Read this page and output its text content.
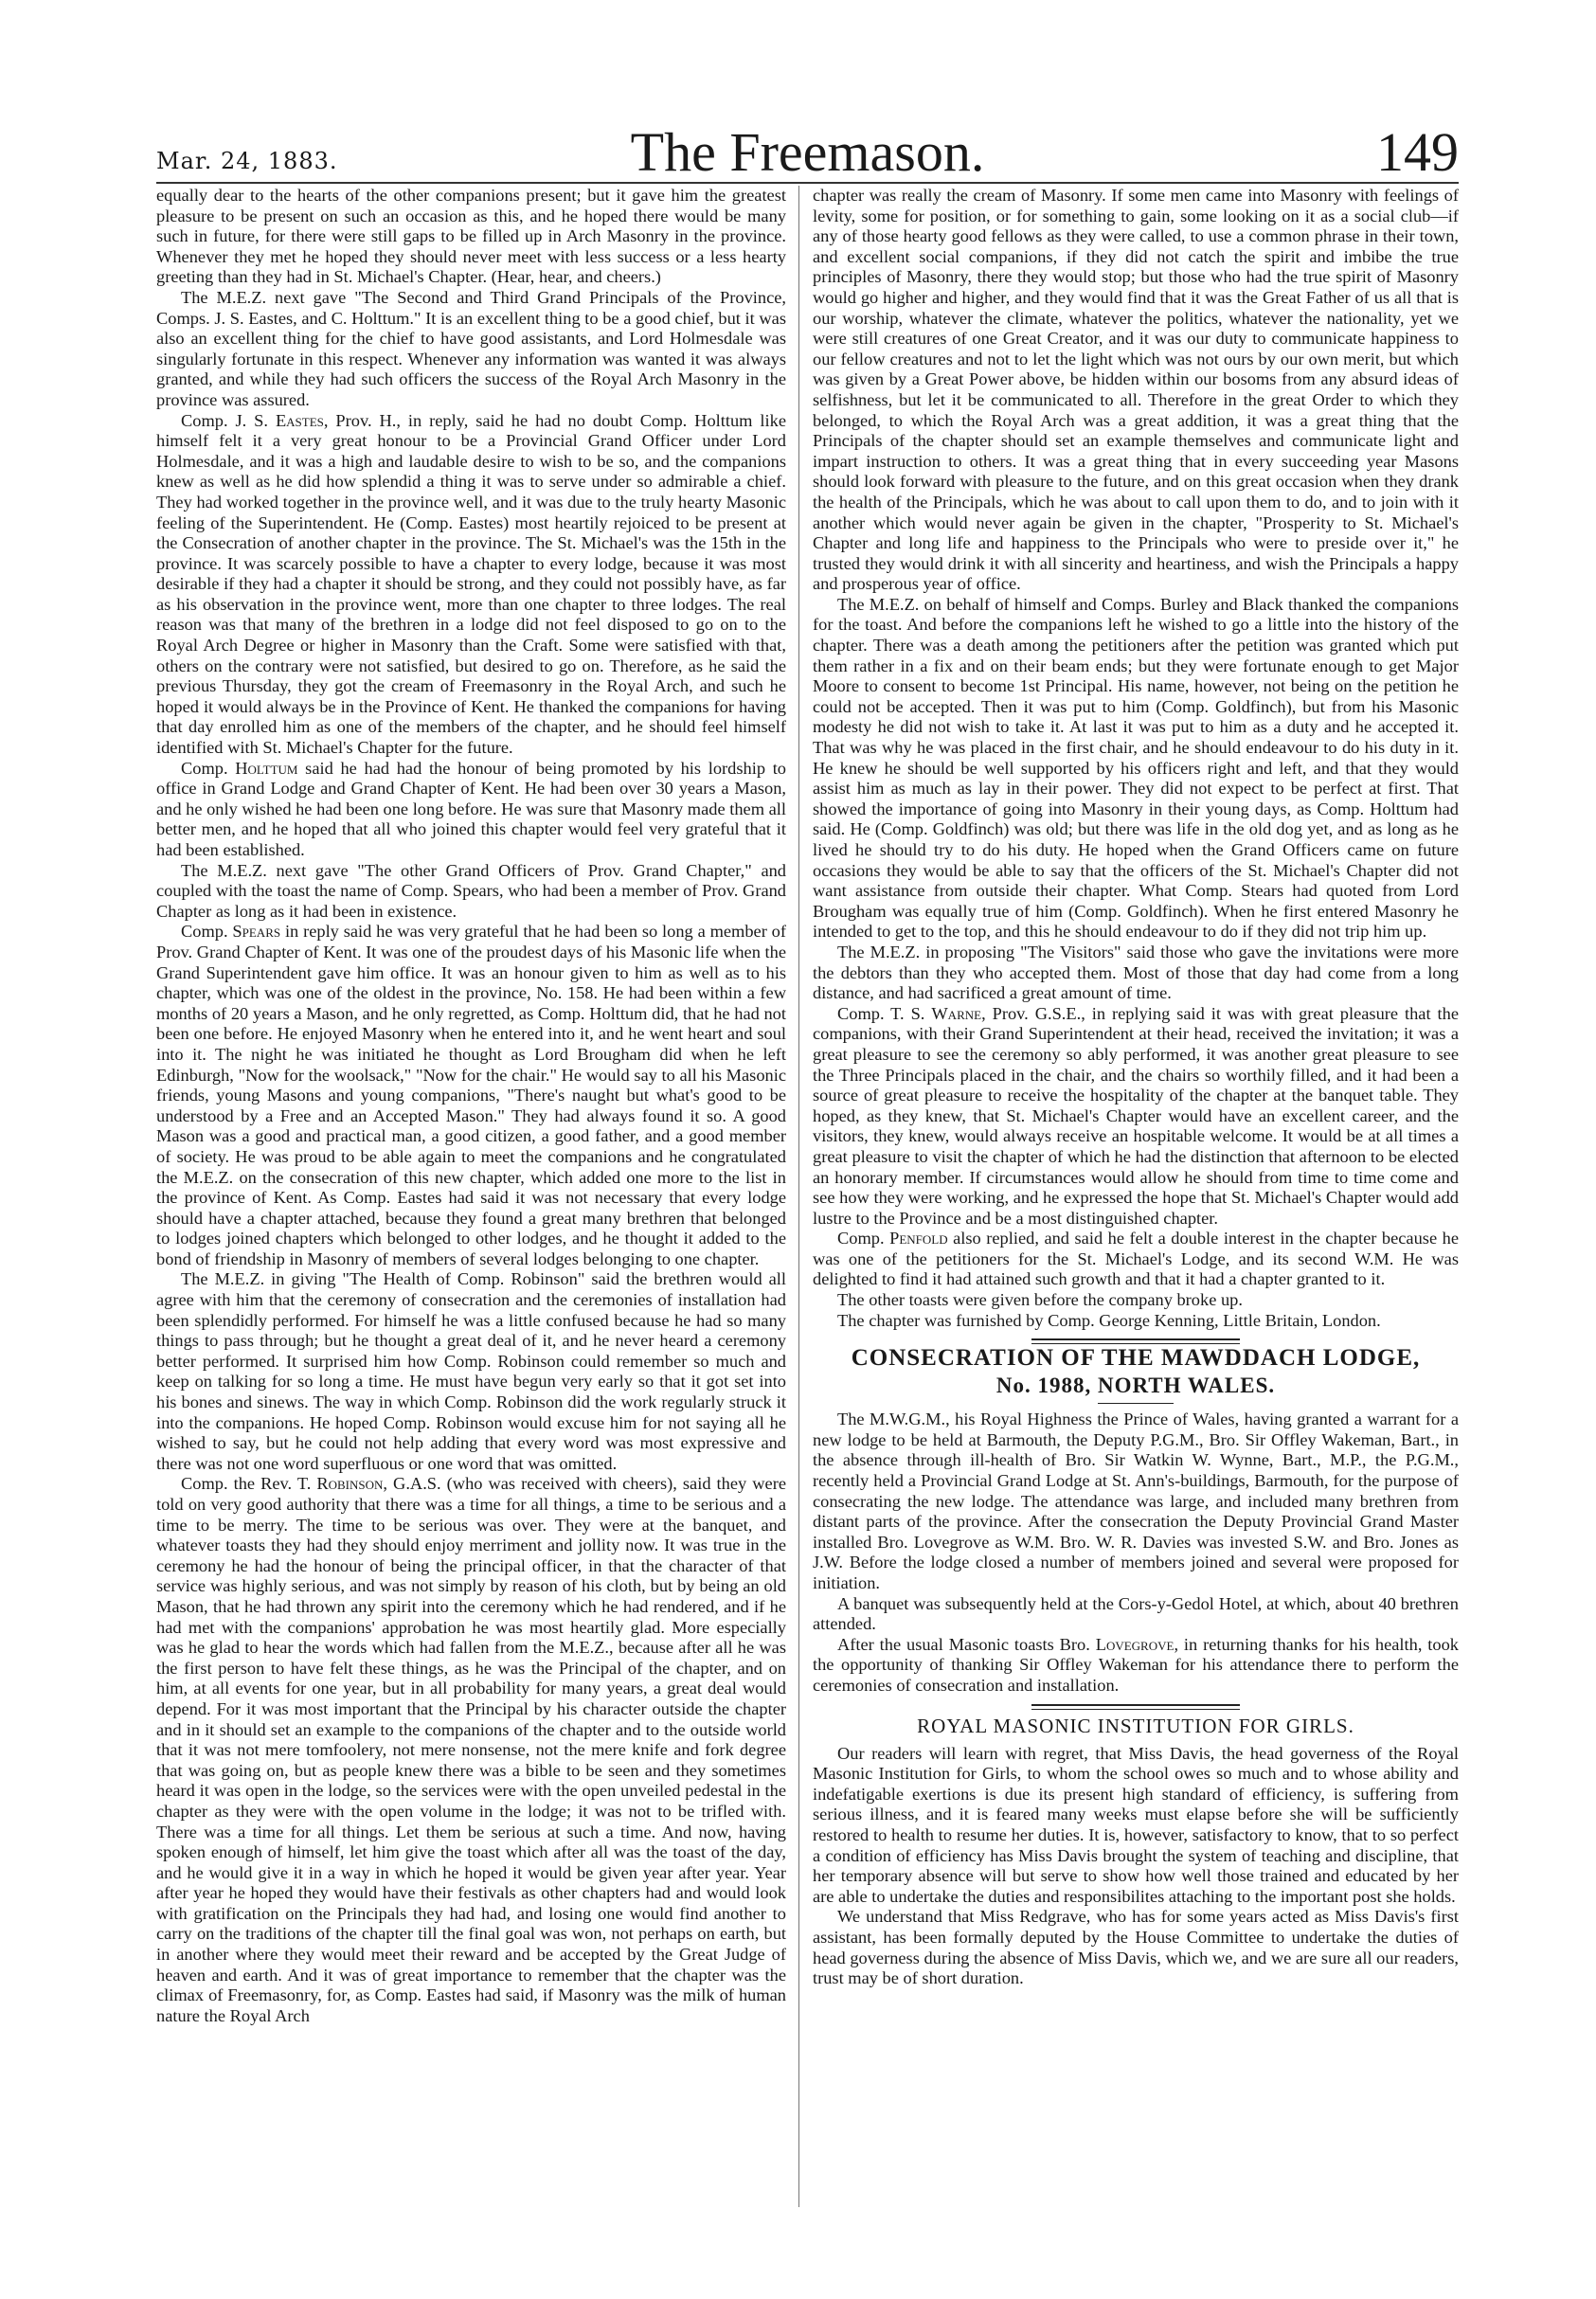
Mar. 24, 1883.	The Freemason.	149

equally dear to the hearts of the other companions present; but it gave him the greatest pleasure to be present on such an occasion as this, and he hoped there would be many such in future, for there were still gaps to be filled up in Arch Masonry in the province. Whenever they met he hoped they should never meet with less success or a less hearty greeting than they had in St. Michael's Chapter. (Hear, hear, and cheers.)

The M.E.Z. next gave "The Second and Third Grand Principals of the Province, Comps. J. S. Eastes, and C. Holttum." It is an excellent thing to be a good chief, but it was also an excellent thing for the chief to have good assistants, and Lord Holmesdale was singularly fortunate in this respect. Whenever any information was wanted it was always granted, and while they had such officers the success of the Royal Arch Masonry in the province was assured.

Comp. J. S. Eastes, Prov. H., in reply, said he had no doubt Comp. Holttum like himself felt it a very great honour to be a Provincial Grand Officer under Lord Holmesdale, and it was a high and laudable desire to wish to be so, and the companions knew as well as he did how splendid a thing it was to serve under so admirable a chief. They had worked together in the province well, and it was due to the truly hearty Masonic feeling of the Superintendent. He (Comp. Eastes) most heartily rejoiced to be present at the Consecration of another chapter in the province. The St. Michael's was the 15th in the province. It was scarcely possible to have a chapter to every lodge, because it was most desirable if they had a chapter it should be strong, and they could not possibly have, as far as his observation in the province went, more than one chapter to three lodges. The real reason was that many of the brethren in a lodge did not feel disposed to go on to the Royal Arch Degree or higher in Masonry than the Craft. Some were satisfied with that, others on the contrary were not satisfied, but desired to go on. Therefore, as he said the previous Thursday, they got the cream of Freemasonry in the Royal Arch, and such he hoped it would always be in the Province of Kent. He thanked the companions for having that day enrolled him as one of the members of the chapter, and he should feel himself identified with St. Michael's Chapter for the future.

Comp. Holttum said he had had the honour of being promoted by his lordship to office in Grand Lodge and Grand Chapter of Kent. He had been over 30 years a Mason, and he only wished he had been one long before. He was sure that Masonry made them all better men, and he hoped that all who joined this chapter would feel very grateful that it had been established.

The M.E.Z. next gave "The other Grand Officers of Prov. Grand Chapter," and coupled with the toast the name of Comp. Spears, who had been a member of Prov. Grand Chapter as long as it had been in existence.

Comp. Spears in reply said he was very grateful that he had been so long a member of Prov. Grand Chapter of Kent. It was one of the proudest days of his Masonic life when the Grand Superintendent gave him office. It was an honour given to him as well as to his chapter, which was one of the oldest in the province, No. 158. He had been within a few months of 20 years a Mason, and he only regretted, as Comp. Holttum did, that he had not been one before. He enjoyed Masonry when he entered into it, and he went heart and soul into it. The night he was initiated he thought as Lord Brougham did when he left Edinburgh, "Now for the woolsack," "Now for the chair." He would say to all his Masonic friends, young Masons and young companions, "There's naught but what's good to be understood by a Free and an Accepted Mason." They had always found it so. A good Mason was a good and practical man, a good citizen, a good father, and a good member of society. He was proud to be able again to meet the companions and he congratulated the M.E.Z. on the consecration of this new chapter, which added one more to the list in the province of Kent. As Comp. Eastes had said it was not necessary that every lodge should have a chapter attached, because they found a great many brethren that belonged to lodges joined chapters which belonged to other lodges, and he thought it added to the bond of friendship in Masonry of members of several lodges belonging to one chapter.

The M.E.Z. in giving "The Health of Comp. Robinson" said the brethren would all agree with him that the ceremony of consecration and the ceremonies of installation had been splendidly performed. For himself he was a little confused because he had so many things to pass through; but he thought a great deal of it, and he never heard a ceremony better performed. It surprised him how Comp. Robinson could remember so much and keep on talking for so long a time. He must have begun very early so that it got set into his bones and sinews. The way in which Comp. Robinson did the work regularly struck it into the companions. He hoped Comp. Robinson would excuse him for not saying all he wished to say, but he could not help adding that every word was most expressive and there was not one word superfluous or one word that was omitted.

Comp. the Rev. T. Robinson, G.A.S. (who was received with cheers), said they were told on very good authority that there was a time for all things, a time to be serious and a time to be merry. The time to be serious was over. They were at the banquet, and whatever toasts they had they should enjoy merriment and jollity now. It was true in the ceremony he had the honour of being the principal officer, in that the character of that service was highly serious, and was not simply by reason of his cloth, but by being an old Mason, that he had thrown any spirit into the ceremony which he had rendered, and if he had met with the companions' approbation he was most heartily glad. More especially was he glad to hear the words which had fallen from the M.E.Z., because after all he was the first person to have felt these things, as he was the Principal of the chapter, and on him, at all events for one year, but in all probability for many years, a great deal would depend. For it was most important that the Principal by his character outside the chapter and in it should set an example to the companions of the chapter and to the outside world that it was not mere tomfoolery, not mere nonsense, not the mere knife and fork degree that was going on, but as people knew there was a bible to be seen and they sometimes heard it was open in the lodge, so the services were with the open unveiled pedestal in the chapter as they were with the open volume in the lodge; it was not to be trifled with. There was a time for all things. Let them be serious at such a time. And now, having spoken enough of himself, let him give the toast which after all was the toast of the day, and he would give it in a way in which he hoped it would be given year after year. Year after year he hoped they would have their festivals as other chapters had and would look with gratification on the Principals they had had, and losing one would find another to carry on the traditions of the chapter till the final goal was won, not perhaps on earth, but in another where they would meet their reward and be accepted by the Great Judge of heaven and earth. And it was of great importance to remember that the chapter was the climax of Freemasonry, for, as Comp. Eastes had said, if Masonry was the milk of human nature the Royal Arch

chapter was really the cream of Masonry. If some men came into Masonry with feelings of levity, some for position, or for something to gain, some looking on it as a social club—if any of those hearty good fellows as they were called, to use a common phrase in their town, and excellent social companions, if they did not catch the spirit and imbibe the true principles of Masonry, there they would stop; but those who had the true spirit of Masonry would go higher and higher, and they would find that it was the Great Father of us all that is our worship, whatever the climate, whatever the politics, whatever the nationality, yet we were still creatures of one Great Creator, and it was our duty to communicate happiness to our fellow creatures and not to let the light which was not ours by our own merit, but which was given by a Great Power above, be hidden within our bosoms from any absurd ideas of selfishness, but let it be communicated to all. Therefore in the great Order to which they belonged, to which the Royal Arch was a great addition, it was a great thing that the Principals of the chapter should set an example themselves and communicate light and impart instruction to others. It was a great thing that in every succeeding year Masons should look forward with pleasure to the future, and on this great occasion when they drank the health of the Principals, which he was about to call upon them to do, and to join with it another which would never again be given in the chapter, "Prosperity to St. Michael's Chapter and long life and happiness to the Principals who were to preside over it," he trusted they would drink it with all sincerity and heartiness, and wish the Principals a happy and prosperous year of office.

The M.E.Z. on behalf of himself and Comps. Burley and Black thanked the companions for the toast. And before the companions left he wished to go a little into the history of the chapter. There was a death among the petitioners after the petition was granted which put them rather in a fix and on their beam ends; but they were fortunate enough to get Major Moore to consent to become 1st Principal. His name, however, not being on the petition he could not be accepted. Then it was put to him (Comp. Goldfinch), but from his Masonic modesty he did not wish to take it. At last it was put to him as a duty and he accepted it. That was why he was placed in the first chair, and he should endeavour to do his duty in it. He knew he should be well supported by his officers right and left, and that they would assist him as much as lay in their power. They did not expect to be perfect at first. That showed the importance of going into Masonry in their young days, as Comp. Holttum had said. He (Comp. Goldfinch) was old; but there was life in the old dog yet, and as long as he lived he should try to do his duty. He hoped when the Grand Officers came on future occasions they would be able to say that the officers of the St. Michael's Chapter did not want assistance from outside their chapter. What Comp. Stears had quoted from Lord Brougham was equally true of him (Comp. Goldfinch). When he first entered Masonry he intended to get to the top, and this he should endeavour to do if they did not trip him up.

The M.E.Z. in proposing "The Visitors" said those who gave the invitations were more the debtors than they who accepted them. Most of those that day had come from a long distance, and had sacrificed a great amount of time.

Comp. T. S. Warne, Prov. G.S.E., in replying said it was with great pleasure that the companions, with their Grand Superintendent at their head, received the invitation; it was a great pleasure to see the ceremony so ably performed, it was another great pleasure to see the Three Principals placed in the chair, and the chairs so worthily filled, and it had been a source of great pleasure to receive the hospitality of the chapter at the banquet table. They hoped, as they knew, that St. Michael's Chapter would have an excellent career, and the visitors, they knew, would always receive an hospitable welcome. It would be at all times a great pleasure to visit the chapter of which he had the distinction that afternoon to be elected an honorary member. If circumstances would allow he should from time to time come and see how they were working, and he expressed the hope that St. Michael's Chapter would add lustre to the Province and be a most distinguished chapter.

Comp. Penfold also replied, and said he felt a double interest in the chapter because he was one of the petitioners for the St. Michael's Lodge, and its second W.M. He was delighted to find it had attained such growth and that it had a chapter granted to it.

The other toasts were given before the company broke up.

The chapter was furnished by Comp. George Kenning, Little Britain, London.

CONSECRATION OF THE MAWDDACH LODGE,
No. 1988, NORTH WALES.

The M.W.G.M., his Royal Highness the Prince of Wales, having granted a warrant for a new lodge to be held at Barmouth, the Deputy P.G.M., Bro. Sir Offley Wakeman, Bart., in the absence through ill-health of Bro. Sir Watkin W. Wynne, Bart., M.P., the P.G.M., recently held a Provincial Grand Lodge at St. Ann's-buildings, Barmouth, for the purpose of consecrating the new lodge. The attendance was large, and included many brethren from distant parts of the province. After the consecration the Deputy Provincial Grand Master installed Bro. Lovegrove as W.M. Bro. W. R. Davies was invested S.W. and Bro. Jones as J.W. Before the lodge closed a number of members joined and several were proposed for initiation.

A banquet was subsequently held at the Cors-y-Gedol Hotel, at which, about 40 brethren attended.

After the usual Masonic toasts Bro. Lovegrove, in returning thanks for his health, took the opportunity of thanking Sir Offley Wakeman for his attendance there to perform the ceremonies of consecration and installation.

ROYAL MASONIC INSTITUTION FOR GIRLS.

Our readers will learn with regret, that Miss Davis, the head governess of the Royal Masonic Institution for Girls, to whom the school owes so much and to whose ability and indefatigable exertions is due its present high standard of efficiency, is suffering from serious illness, and it is feared many weeks must elapse before she will be sufficiently restored to health to resume her duties. It is, however, satisfactory to know, that to so perfect a condition of efficiency has Miss Davis brought the system of teaching and discipline, that her temporary absence will but serve to show how well those trained and educated by her are able to undertake the duties and responsibilites attaching to the important post she holds.

We understand that Miss Redgrave, who has for some years acted as Miss Davis's first assistant, has been formally deputed by the House Committee to undertake the duties of head governess during the absence of Miss Davis, which we, and we are sure all our readers, trust may be of short duration.
